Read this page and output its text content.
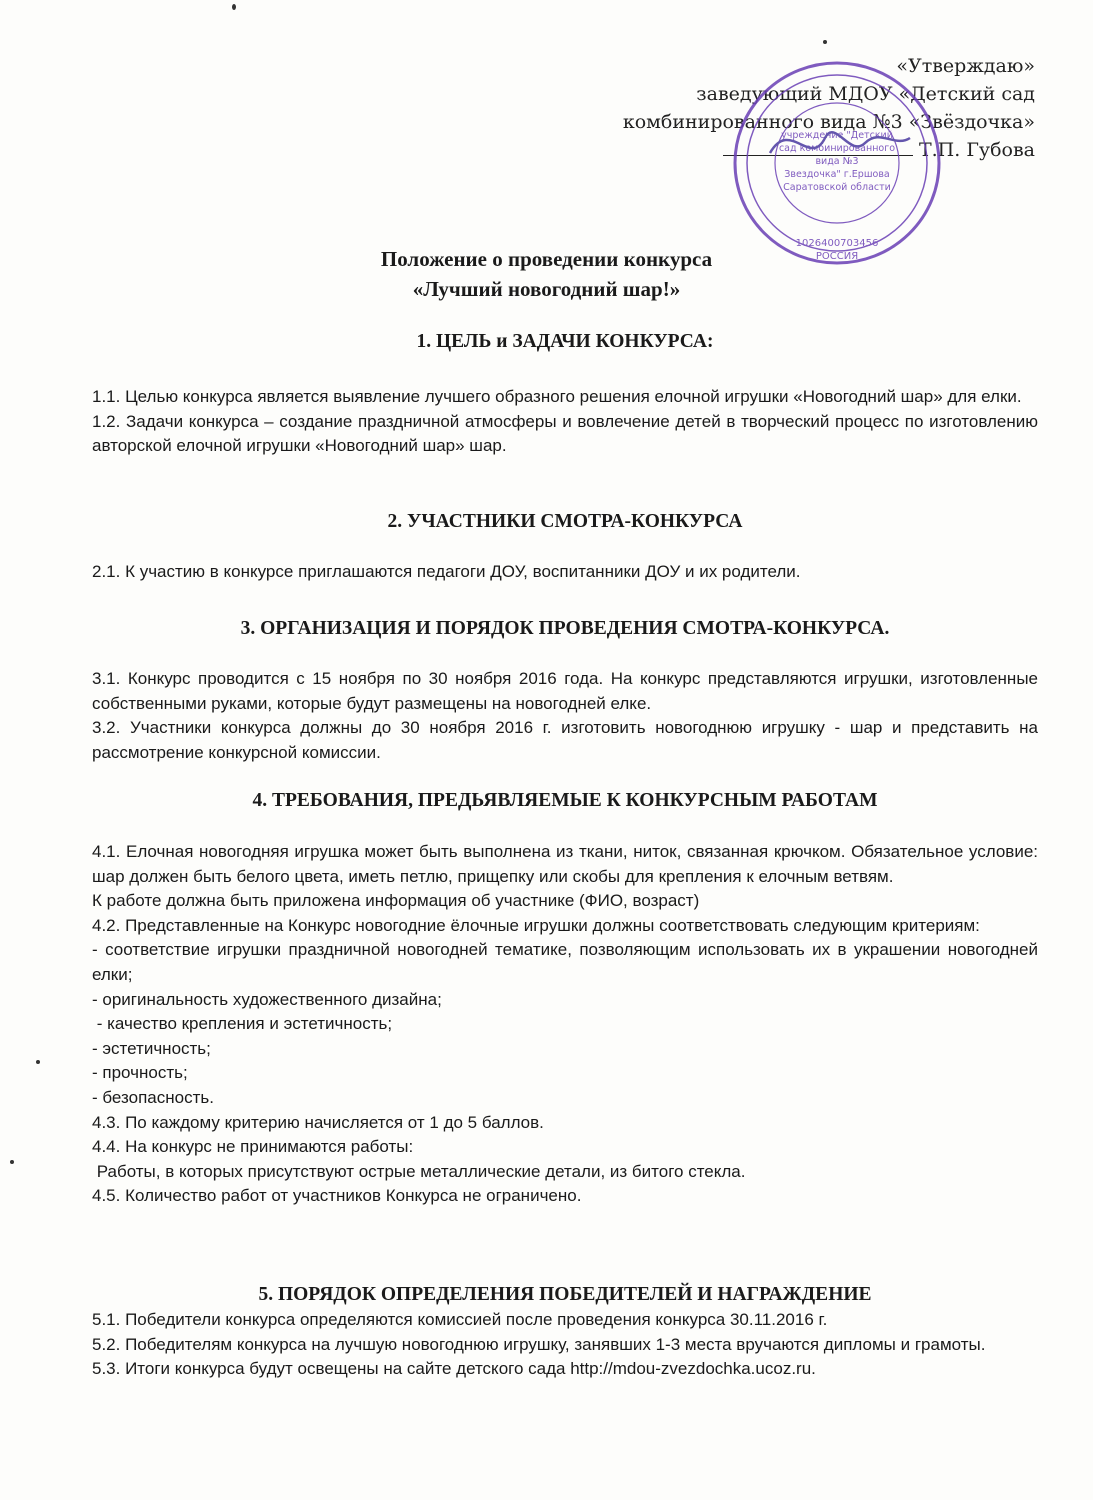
«Утверждаю»
заведующий МДОУ «Детский сад
комбинированного вида №3 «Звёздочка»
Т.П. Губова
учреждение "Детский
сад комбинированного
вида №3
Звездочка" г.Ершова
Саратовской области
1026400703456
РОССИЯ
Положение о проведении конкурса
«Лучший новогодний шар!»
1. ЦЕЛЬ и ЗАДАЧИ КОНКУРСА:
1.1. Целью конкурса является выявление лучшего образного решения елочной игрушки «Новогодний шар» для елки.
1.2. Задачи конкурса – создание праздничной атмосферы и вовлечение детей в творческий процесс по изготовлению авторской елочной игрушки «Новогодний шар» шар.
2. УЧАСТНИКИ СМОТРА-КОНКУРСА
2.1. К участию в конкурсе приглашаются педагоги ДОУ, воспитанники ДОУ и их родители.
3. ОРГАНИЗАЦИЯ И ПОРЯДОК ПРОВЕДЕНИЯ СМОТРА-КОНКУРСА.
3.1. Конкурс проводится с 15 ноября по 30 ноября 2016 года. На конкурс представляются игрушки, изготовленные собственными руками, которые будут размещены на новогодней елке.
3.2. Участники конкурса должны до 30 ноября 2016 г. изготовить новогоднюю игрушку - шар и представить на рассмотрение конкурсной комиссии.
4. ТРЕБОВАНИЯ, ПРЕДЬЯВЛЯЕМЫЕ К КОНКУРСНЫМ РАБОТАМ
4.1. Елочная новогодняя игрушка может быть выполнена из ткани, ниток, связанная крючком. Обязательное условие: шар должен быть белого цвета, иметь петлю, прищепку или скобы для крепления к елочным ветвям.
К работе должна быть приложена информация об участнике (ФИО, возраст)
4.2. Представленные на Конкурс новогодние ёлочные игрушки должны соответствовать следующим критериям:
- соответствие игрушки праздничной новогодней тематике, позволяющим использовать их в украшении новогодней елки;
- оригинальность художественного дизайна;
- качество крепления и эстетичность;
- эстетичность;
- прочность;
- безопасность.
4.3. По каждому критерию начисляется от 1 до 5 баллов.
4.4. На конкурс не принимаются работы:
Работы, в которых присутствуют острые металлические детали, из битого стекла.
4.5. Количество работ от участников Конкурса не ограничено.
5. ПОРЯДОК ОПРЕДЕЛЕНИЯ ПОБЕДИТЕЛЕЙ И НАГРАЖДЕНИЕ
5.1. Победители конкурса определяются комиссией после проведения конкурса 30.11.2016 г.
5.2. Победителям конкурса на лучшую новогоднюю игрушку, занявших 1-3 места вручаются дипломы и грамоты.
5.3. Итоги конкурса будут освещены на сайте детского сада http://mdou-zvezdochka.ucoz.ru.
